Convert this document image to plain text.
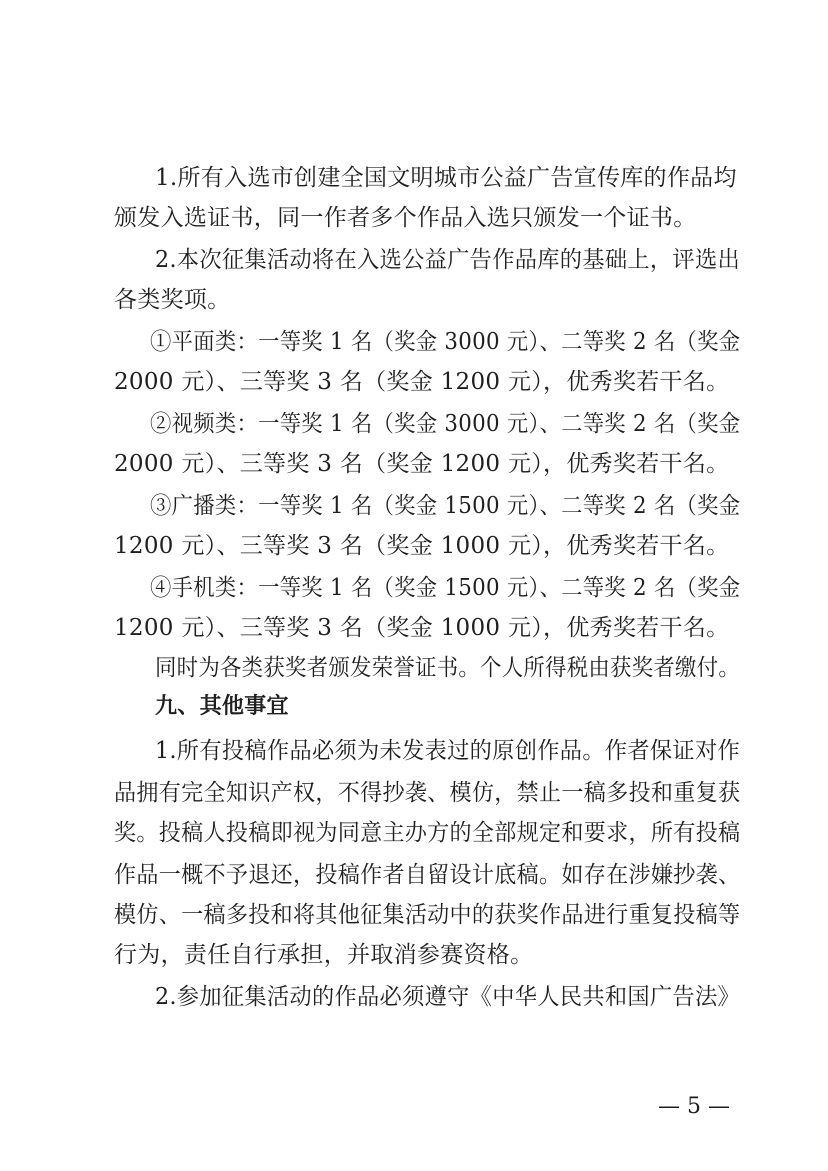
1.所有入选市创建全国文明城市公益广告宣传库的作品均

颁发入选证书，同一作者多个作品入选只颁发一个证书。

2.本次征集活动将在入选公益广告作品库的基础上，评选出

各类奖项。

①平面类：一等奖 1 名（奖金 3000 元）、二等奖 2 名（奖金

2000 元）、三等奖 3 名（奖金 1200 元），优秀奖若干名。

②视频类：一等奖 1 名（奖金 3000 元）、二等奖 2 名（奖金

2000 元）、三等奖 3 名（奖金 1200 元），优秀奖若干名。

③广播类：一等奖 1 名（奖金 1500 元）、二等奖 2 名（奖金

1200 元）、三等奖 3 名（奖金 1000 元），优秀奖若干名。

④手机类：一等奖 1 名（奖金 1500 元）、二等奖 2 名（奖金

1200 元）、三等奖 3 名（奖金 1000 元），优秀奖若干名。

同时为各类获奖者颁发荣誉证书。个人所得税由获奖者缴付。

九、其他事宜

1.所有投稿作品必须为未发表过的原创作品。作者保证对作

品拥有完全知识产权，不得抄袭、模仿，禁止一稿多投和重复获

奖。投稿人投稿即视为同意主办方的全部规定和要求，所有投稿

作品一概不予退还，投稿作者自留设计底稿。如存在涉嫌抄袭、

模仿、一稿多投和将其他征集活动中的获奖作品进行重复投稿等

行为，责任自行承担，并取消参赛资格。

2.参加征集活动的作品必须遵守《中华人民共和国广告法》

— 5 —
